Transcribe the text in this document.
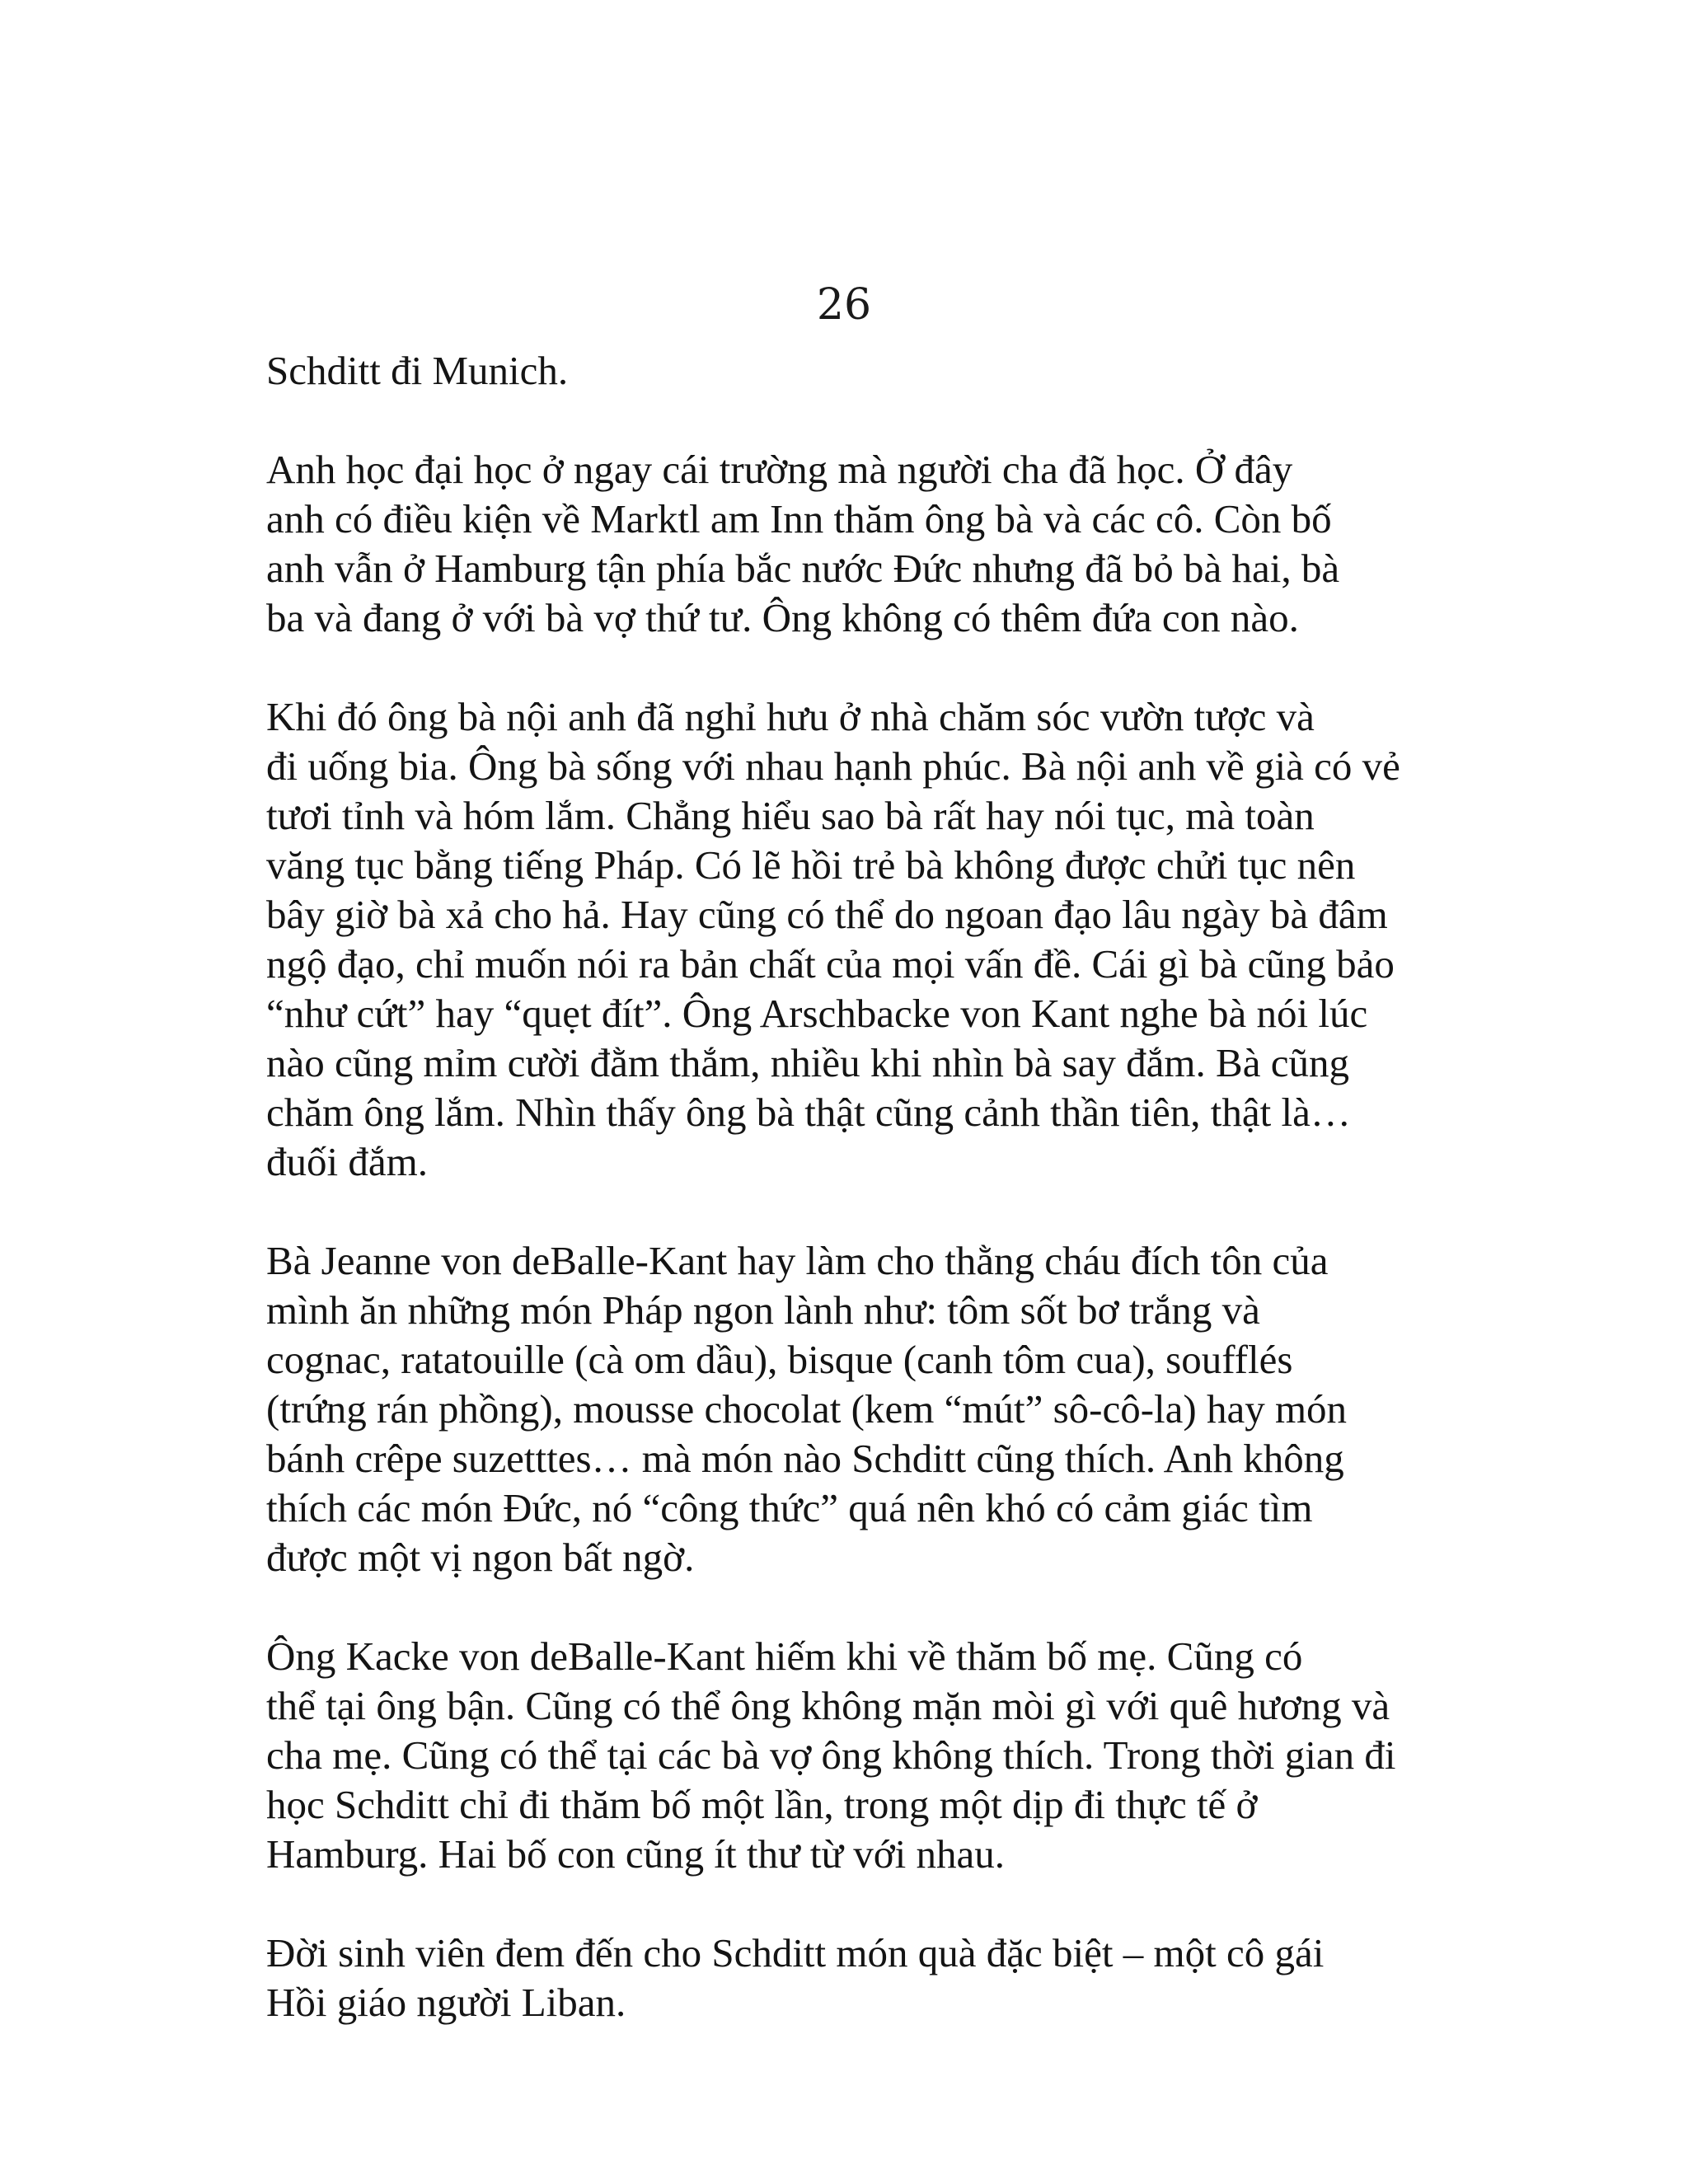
26

Schditt đi Munich.

Anh học đại học ở ngay cái trường mà người cha đã học. Ở đây
anh có điều kiện về Marktl am Inn thăm ông bà và các cô. Còn bố
anh vẫn ở Hamburg tận phía bắc nước Đức nhưng đã bỏ bà hai, bà
ba và đang ở với bà vợ thứ tư. Ông không có thêm đứa con nào.

Khi đó ông bà nội anh đã nghỉ hưu ở nhà chăm sóc vườn tược và
đi uống bia. Ông bà sống với nhau hạnh phúc. Bà nội anh về già có vẻ
tươi tỉnh và hóm lắm. Chẳng hiểu sao bà rất hay nói tục, mà toàn
văng tục bằng tiếng Pháp. Có lẽ hồi trẻ bà không được chửi tục nên
bây giờ bà xả cho hả. Hay cũng có thể do ngoan đạo lâu ngày bà đâm
ngộ đạo, chỉ muốn nói ra bản chất của mọi vấn đề. Cái gì bà cũng bảo
“như cứt” hay “quẹt đít”. Ông Arschbacke von Kant nghe bà nói lúc
nào cũng mỉm cười đằm thắm, nhiều khi nhìn bà say đắm. Bà cũng
chăm ông lắm. Nhìn thấy ông bà thật cũng cảnh thần tiên, thật là…
đuối đắm.

Bà Jeanne von deBalle-Kant hay làm cho thằng cháu đích tôn của
mình ăn những món Pháp ngon lành như: tôm sốt bơ trắng và
cognac, ratatouille (cà om dầu), bisque (canh tôm cua), soufflés
(trứng rán phồng), mousse chocolat (kem “mút” sô-cô-la) hay món
bánh crêpe suzetttes… mà món nào Schditt cũng thích. Anh không
thích các món Đức, nó “công thức” quá nên khó có cảm giác tìm
được một vị ngon bất ngờ.

Ông Kacke von deBalle-Kant hiếm khi về thăm bố mẹ. Cũng có
thể tại ông bận. Cũng có thể ông không mặn mòi gì với quê hương và
cha mẹ. Cũng có thể tại các bà vợ ông không thích. Trong thời gian đi
học Schditt chỉ đi thăm bố một lần, trong một dịp đi thực tế ở
Hamburg. Hai bố con cũng ít thư từ với nhau.

Đời sinh viên đem đến cho Schditt món quà đặc biệt – một cô gái
Hồi giáo người Liban.
